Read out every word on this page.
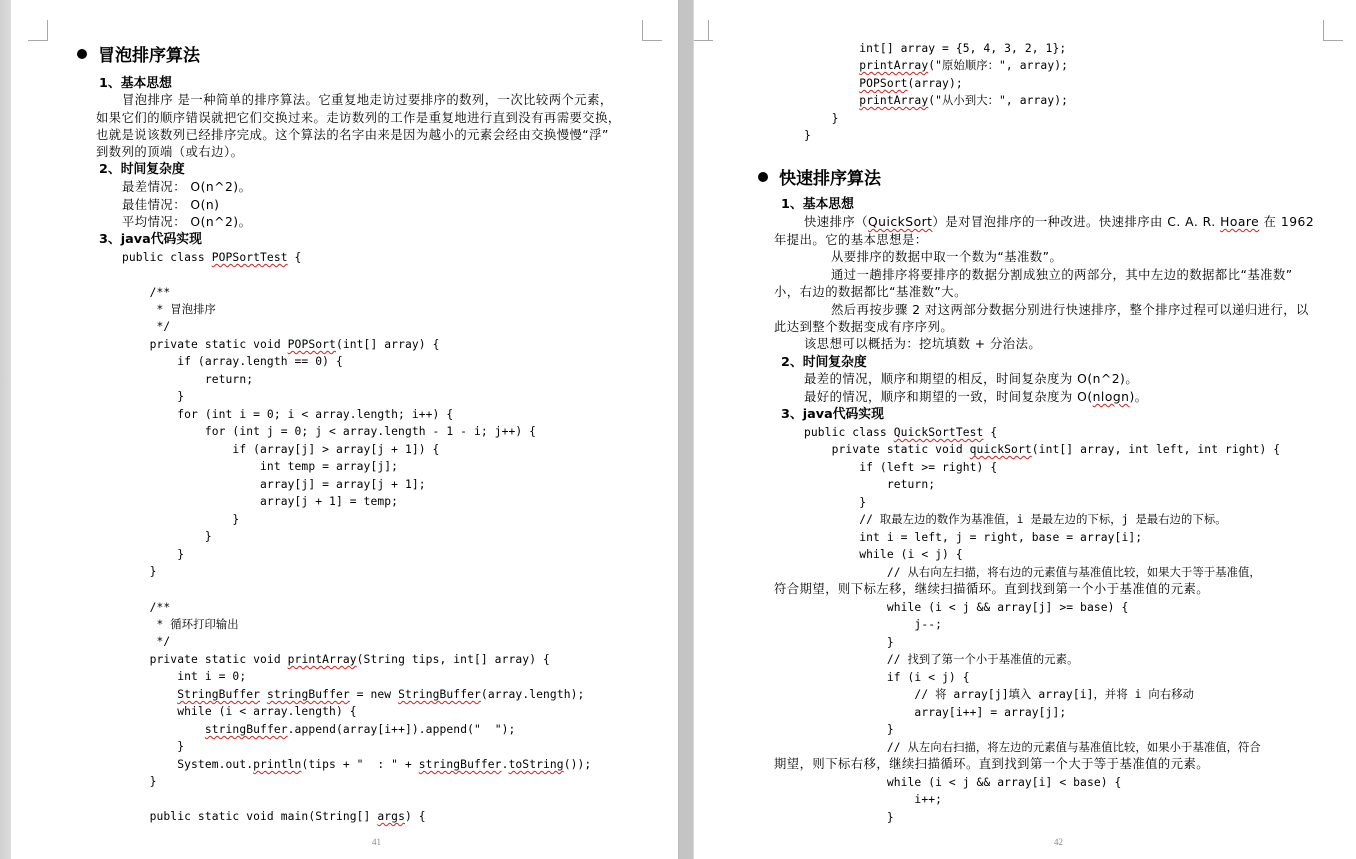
冒泡排序算法
1、基本思想
冒泡排序 是一种简单的排序算法。它重复地走访过要排序的数列，一次比较两个元素，
如果它们的顺序错误就把它们交换过来。走访数列的工作是重复地进行直到没有再需要交换，
也就是说该数列已经排序完成。这个算法的名字由来是因为越小的元素会经由交换慢慢“浮”
到数列的顶端（或右边）。
2、时间复杂度
最差情况： O(n^2)。
最佳情况： O(n)
平均情况： O(n^2)。
3、java代码实现
public class POPSortTest {
/**
* 冒泡排序
*/
private static void POPSort(int[] array) {
if (array.length == 0) {
return;
}
for (int i = 0; i < array.length; i++) {
for (int j = 0; j < array.length - 1 - i; j++) {
if (array[j] > array[j + 1]) {
int temp = array[j];
array[j] = array[j + 1];
array[j + 1] = temp;
}
}
}
}
/**
* 循环打印输出
*/
private static void printArray(String tips, int[] array) {
int i = 0;
StringBuffer stringBuffer = new StringBuffer(array.length);
while (i < array.length) {
stringBuffer.append(array[i++]).append("  ");
}
System.out.println(tips + "  : " + stringBuffer.toString());
}
public static void main(String[] args) {
41
int[] array = {5, 4, 3, 2, 1};
printArray("原始顺序：", array);
POPSort(array);
printArray("从小到大：", array);
}
}
快速排序算法
1、基本思想
快速排序（QuickSort）是对冒泡排序的一种改进。快速排序由 C. A. R. Hoare 在 1962
年提出。它的基本思想是：
从要排序的数据中取一个数为“基准数”。
通过一趟排序将要排序的数据分割成独立的两部分，其中左边的数据都比“基准数”
小，右边的数据都比“基准数”大。
然后再按步骤 2 对这两部分数据分别进行快速排序，整个排序过程可以递归进行，以
此达到整个数据变成有序序列。
该思想可以概括为：挖坑填数 + 分治法。
2、时间复杂度
最差的情况，顺序和期望的相反，时间复杂度为 O(n^2)。
最好的情况，顺序和期望的一致，时间复杂度为 O(nlogn)。
3、java代码实现
public class QuickSortTest {
private static void quickSort(int[] array, int left, int right) {
if (left >= right) {
return;
}
// 取最左边的数作为基准值，i 是最左边的下标，j 是最右边的下标。
int i = left, j = right, base = array[i];
while (i < j) {
// 从右向左扫描，将右边的元素值与基准值比较，如果大于等于基准值，
符合期望，则下标左移，继续扫描循环。直到找到第一个小于基准值的元素。
while (i < j && array[j] >= base) {
j--;
}
// 找到了第一个小于基准值的元素。
if (i < j) {
// 将 array[j]填入 array[i]，并将 i 向右移动
array[i++] = array[j];
}
// 从左向右扫描，将左边的元素值与基准值比较，如果小于基准值，符合
期望，则下标右移，继续扫描循环。直到找到第一个大于等于基准值的元素。
while (i < j && array[i] < base) {
i++;
}
42
